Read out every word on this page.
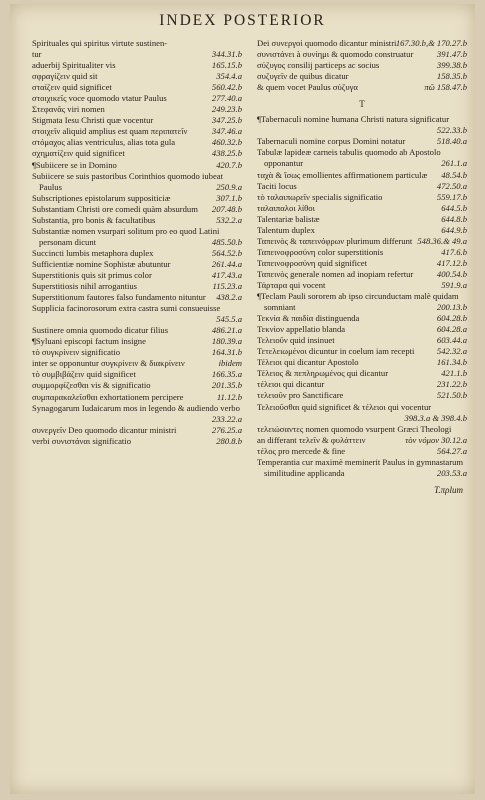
INDEX POSTERIOR
Spirituales qui spiritus virtute sustinen-
tur	344.31.b
aduerbij Spiritualiter vis	165.15.b
σφραγίζειν quid sit	354.4.a
σταίζειν quid significet	560.42.b
στοιχικεῖς voce quomodo vtatur Paulus	277.40.a
Στεφανᾶς viri nomen	249.23.b
Stigmata Iesu Christi quæ vocentur	347.25.b
στοιχεῖν aliquid amplius est quam περιπατεῖν	347.46.a
στόμαχος alias ventriculus, alias tota gula	460.32.b
σχηματίζειν quid significet	438.25.b
¶Subiicere se in Domino	420.7.b
Subiicere se suis pastoribus Corinthios quomodo iubeat Paulus	250.9.a
Subscriptiones epistolarum suppositiciæ	307.1.b
Substantiam Christi ore comedi quàm absurdum 207.48.b
Substantia, pro bonis & facultatibus	532.2.a
Substantiæ nomen vsurpari solitum pro eo quod Latini personam dicunt	485.50.b
Succincti lumbis metaphora duplex	564.52.b
Sufficientiæ nomine Sophistæ abutuntur	261.44.a
Superstitionis quis sit primus color	417.43.a
Superstitiosis nihil arrogantius	115.23.a
Superstitionum fautores falso fundamento nituntur 438.2.a
Supplicia facinorosorum extra castra sumi consueuisse
545.5.a
Sustinere omnia quomodo dicatur filius	486.21.a
¶Syluani episcopi factum insigne	180.39.a
τὸ συγκρίνειν significatio	164.31.b
inter se opponuntur συγκρίνειν & διακρίνειν	ibidem
τὸ συμβιβάζειν quid significet	166.35.a
συμμορφίζεσθαι vis & significatio	201.35.b
συμπαρακαλεῖσθαι exhortationem percipere	11.12.b
Synagogarum Iudaicarum mos in legendo & audiendo verbo
233.22.a
συνεργεῖν Deo quomodo dicantur ministri	276.25.a
verbi συνιστάναι significatio	280.8.b
Dei συνεργοὶ quomodo dicantur ministri 167.30.b,& 170.27.b
συνιστάνει à συνίημι & quomodo construatur	391.47.b
σύζυγος consilij particeps ac socius	399.38.b
συζυγεῖν de quibus dicatur	158.35.b
& quem vocet Paulus σύζυγα	πῶ 158.47.b
T
¶Tabernaculi nomine humana Christi natura significatur
522.33.b
Tabernaculi nomine corpus Domini notatur	518.40.a
Tabulæ lapideæ carneis tabulis quomodo ab Apostolo opponantur	261.1.a
ταχὰ & ἴσως emollientes affirmationem particulæ 48.54.b
Taciti locus	472.50.a
τὸ ταλαιπωρεῖν specialis significatio	559.17.b
ταλαιπαλοι λίθοι	644.5.b
Talentariæ balistæ	644.8.b
Talentum duplex	644.9.b
Ταπεινὸς & ταπεινόφρων plurimum differunt 548.36.& 49.a
Ταπεινοφροσύνη color superstitionis	417.6.b
Ταπεινοφροσύνη quid significet	417.12.b
Ταπεινὸς generale nomen ad inopiam refertur	400.54.b
Τάρταρα qui vocent	591.9.a
¶Teclam Pauli sororem ab ipso circunductam malè quidam somniant	200.13.b
Τεκνία & παιδία distinguenda	604.28.b
Τεκνίον appellatio blanda	604.28.a
Τελειοῦν quid insinuet	603.44.a
Τετελειωμένοι dicuntur in coelum iam recepti	542.32.a
Τέλειοι qui dicantur Apostolo	161.34.b
Τέλειος & πεπληρωμένος qui dicantur	421.1.b
τέλειοι qui dicantur	231.22.b
τελειοῦν pro Sanctificare	521.50.b
Τελειοῦσθαι quid significet & τέλειοι qui vocentur
398.3.a & 398.4.b
τελειώσαντες nomen quomodo vsurpent Græci Theologi
an differant τελεῖν & φυλάττειν	τὸν νόμον 30.12.a
τέλος pro mercede & fine	564.27.a
Temperantia cur maximè meminerit Paulus in gymnastarum similitudine applicanda	203.53.a
Τ.πρlum
